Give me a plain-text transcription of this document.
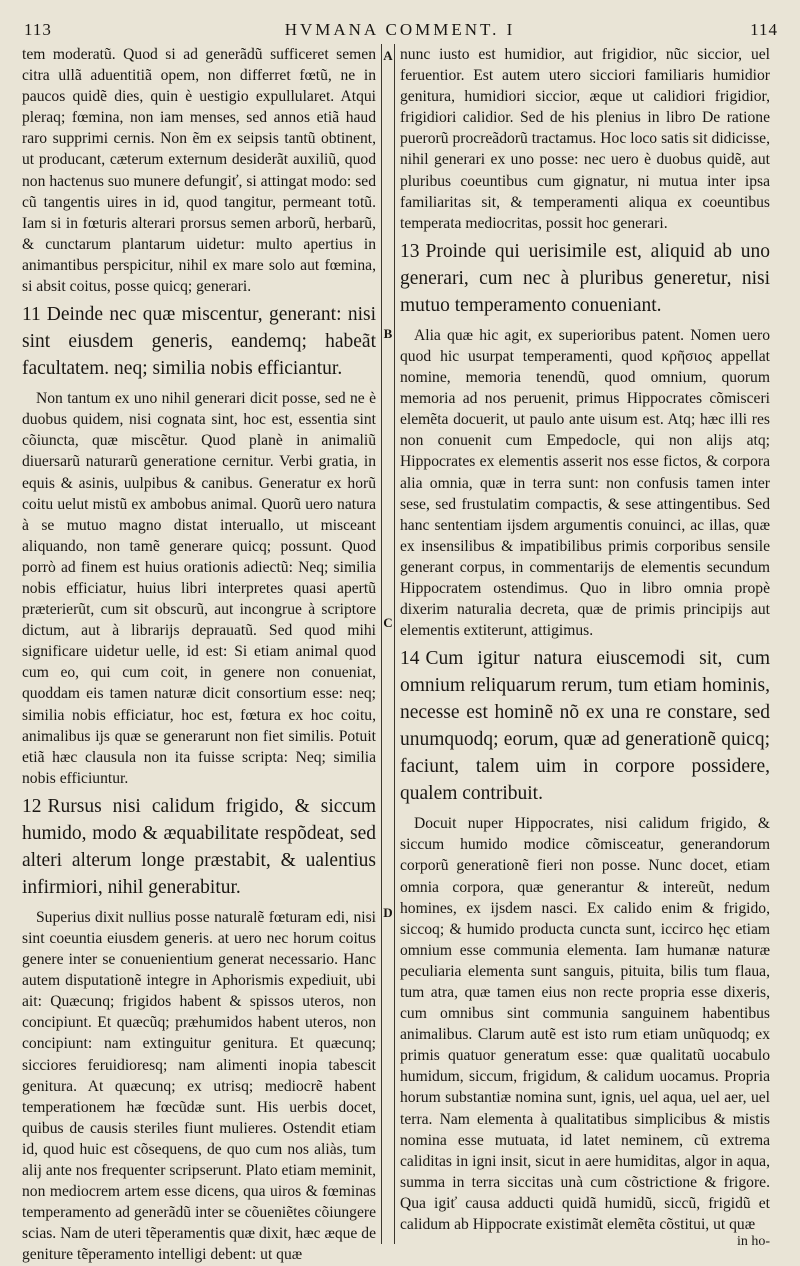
113	HVMANA COMMENT. I	114
A
B
C
D

tem moderatũ. Quod si ad generãdũ sufficeret semen citra ullã aduentitiã opem, non differret fœtũ, ne in paucos quidẽ dies, quin è uestigio expullularet. Atqui pleraq; fœmina, non iam menses, sed annos etiã haud raro supprimi cernis. Non ẽm ex seipsis tantũ obtinent, ut producant, cæterum externum desiderãt auxiliũ, quod non hactenus suo munere defungiť, si attingat modo: sed cũ tangentis uires in id, quod tangitur, permeant totũ. Iam si in fœturis alterari prorsus semen arborũ, herbarũ, & cunctarum plantarum uidetur: multo apertius in animantibus perspicitur, nihil ex mare solo aut fœmina, si absit coitus, posse quicq; generari.

11 Deinde nec quæ miscentur, generant: nisi sint eiusdem generis, eandemq; habeãt facultatem. neq; similia nobis efficiantur.

Non tantum ex uno nihil generari dicit posse, sed ne è duobus quidem, nisi cognata sint, hoc est, essentia sint cõiuncta, quæ miscẽtur. Quod planè in animaliũ diuersarũ naturarũ generatione cernitur. Verbi gratia, in equis & asinis, uulpibus & canibus. Generatur ex horũ coitu uelut mistũ ex ambobus animal. Quorũ uero natura à se mutuo magno distat interuallo, ut misceant aliquando, non tamẽ generare quicq; possunt. Quod porrò ad finem est huius orationis adiectũ: Neq; similia nobis efficiatur, huius libri interpretes quasi apertũ præterierũt, cum sit obscurũ, aut incongrue à scriptore dictum, aut à librarijs deprauatũ. Sed quod mihi significare uidetur uelle, id est: Si etiam animal quod cum eo, qui cum coit, in genere non conueniat, quoddam eis tamen naturæ dicit consortium esse: neq; similia nobis efficiatur, hoc est, fœtura ex hoc coitu, animalibus ijs quæ se generarunt non fiet similis. Potuit etiã hæc clausula non ita fuisse scripta: Neq; similia nobis efficiuntur.

12 Rursus nisi calidum frigido, & siccum humido, modo & æquabilitate respõdeat, sed alteri alterum longe præstabit, & ualentius infirmiori, nihil generabitur.

Superius dixit nullius posse naturalẽ fœturam edi, nisi sint coeuntia eiusdem generis. at uero nec horum coitus genere inter se conuenientium generat necessario. Hanc autem disputationẽ integre in Aphorismis expediuit, ubi ait: Quæcunq; frigidos habent & spissos uteros, non concipiunt. Et quæcũq; præhumidos habent uteros, non concipiunt: nam extinguitur genitura. Et quæcunq; sicciores feruidioresq; nam alimenti inopia tabescit genitura. At quæcunq; ex utrisq; mediocrẽ habent temperationem hæ fœcũdæ sunt. His uerbis docet, quibus de causis steriles fiunt mulieres. Ostendit etiam id, quod huic est cõsequens, de quo cum nos aliàs, tum alij ante nos frequenter scripserunt. Plato etiam meminit, non mediocrem artem esse dicens, qua uiros & fœminas temperamento ad generãdũ inter se cõueniẽtes cõiungere scias. Nam de uteri tẽperamentis quæ dixit, hæc æque de geniture tẽperamento intelligi debent: ut quæ

nunc iusto est humidior, aut frigidior, nũc siccior, uel feruentior. Est autem utero sicciori familiaris humidior genitura, humidiori siccior, æque ut calidiori frigidior, frigidiori calidior. Sed de his plenius in libro De ratione puerorũ procreãdorũ tractamus. Hoc loco satis sit didicisse, nihil generari ex uno posse: nec uero è duobus quidẽ, aut pluribus coeuntibus cum gignatur, ni mutua inter ipsa familiaritas sit, & temperamenti aliqua ex coeuntibus temperata mediocritas, possit hoc generari.

13 Proinde qui uerisimile est, aliquid ab uno generari, cum nec à pluribus generetur, nisi mutuo temperamento conueniant.

Alia quæ hic agit, ex superioribus patent. Nomen uero quod hic usurpat temperamenti, quod κρῆσιος appellat nomine, memoria tenendũ, quod omnium, quorum memoria ad nos peruenit, primus Hippocrates cõmisceri elemẽta docuerit, ut paulo ante uisum est. Atq; hæc illi res non conuenit cum Empedocle, qui non alijs atq; Hippocrates ex elementis asserit nos esse fictos, & corpora alia omnia, quæ in terra sunt: non confusis tamen inter sese, sed frustulatim compactis, & sese attingentibus. Sed hanc sententiam ijsdem argumentis conuinci, ac illas, quæ ex insensilibus & impatibilibus primis corporibus sensile generant corpus, in commentarijs de elementis secundum Hippocratem ostendimus. Quo in libro omnia propè dixerim naturalia decreta, quæ de primis principijs aut elementis extiterunt, attigimus.

14 Cum igitur natura eiuscemodi sit, cum omnium reliquarum rerum, tum etiam hominis, necesse est hominẽ nõ ex una re constare, sed unumquodq; eorum, quæ ad generationẽ quicq; faciunt, talem uim in corpore possidere, qualem contribuit.

Docuit nuper Hippocrates, nisi calidum frigido, & siccum humido modice cõmisceatur, generandorum corporũ generationẽ fieri non posse. Nunc docet, etiam omnia corpora, quæ generantur & intereũt, nedum homines, ex ijsdem nasci. Ex calido enim & frigido, siccoq; & humido producta cuncta sunt, iccirco hęc etiam omnium esse communia elementa. Iam humanæ naturæ peculiaria elementa sunt sanguis, pituita, bilis tum flaua, tum atra, quæ tamen eius non recte propria esse dixeris, cum omnibus sint communia sanguinem habentibus animalibus. Clarum autẽ est isto rum etiam unũquodq; ex primis quatuor generatum esse: quæ qualitatũ uocabulo humidum, siccum, frigidum, & calidum uocamus. Propria horum substantiæ nomina sunt, ignis, uel aqua, uel aer, uel terra. Nam elementa à qualitatibus simplicibus & mistis nomina esse mutuata, id latet neminem, cũ extrema caliditas in igni insit, sicut in aere humiditas, algor in aqua, summa in terra siccitas unà cum cõstrictione & frigore. Qua igiť causa adducti quidã humidũ, siccũ, frigidũ et calidum ab Hippocrate existimãt elemẽta cõstitui, ut quæ

in ho-
